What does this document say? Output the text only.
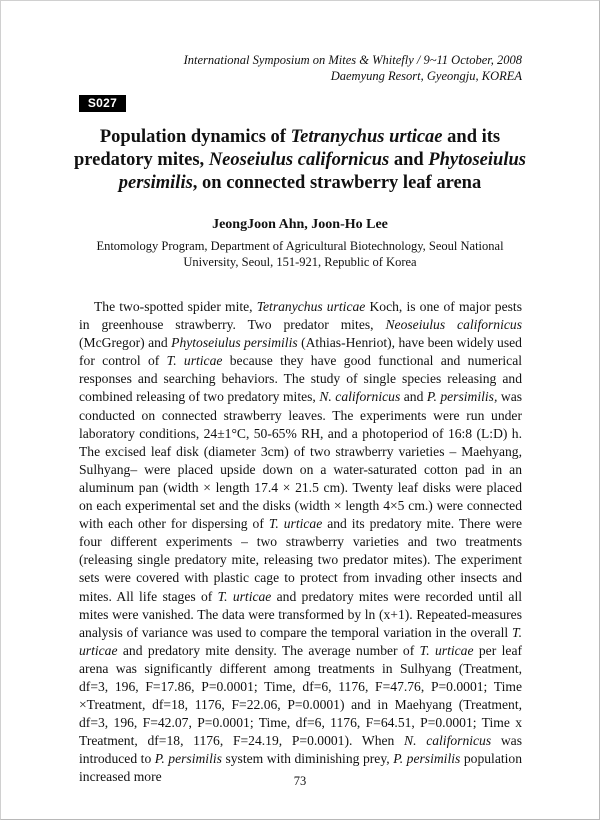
International Symposium on Mites & Whitefly / 9~11 October, 2008
Daemyung Resort, Gyeongju, KOREA
S027
Population dynamics of Tetranychus urticae and its predatory mites, Neoseiulus californicus and Phytoseiulus persimilis, on connected strawberry leaf arena
JeongJoon Ahn, Joon-Ho Lee
Entomology Program, Department of Agricultural Biotechnology, Seoul National University, Seoul, 151-921, Republic of Korea

The two-spotted spider mite, Tetranychus urticae Koch, is one of major pests in greenhouse strawberry. Two predator mites, Neoseiulus californicus (McGregor) and Phytoseiulus persimilis (Athias-Henriot), have been widely used for control of T. urticae because they have good functional and numerical responses and searching behaviors. The study of single species releasing and combined releasing of two predatory mites, N. californicus and P. persimilis, was conducted on connected strawberry leaves. The experiments were run under laboratory conditions, 24±1°C, 50-65% RH, and a photoperiod of 16:8 (L:D) h. The excised leaf disk (diameter 3cm) of two strawberry varieties – Maehyang, Sulhyang– were placed upside down on a water-saturated cotton pad in an aluminum pan (width × length 17.4 × 21.5 cm). Twenty leaf disks were placed on each experimental set and the disks (width × length 4×5 cm.) were connected with each other for dispersing of T. urticae and its predatory mite. There were four different experiments – two strawberry varieties and two treatments (releasing single predatory mite, releasing two predator mites). The experiment sets were covered with plastic cage to protect from invading other insects and mites. All life stages of T. urticae and predatory mites were recorded until all mites were vanished. The data were transformed by ln (x+1). Repeated-measures analysis of variance was used to compare the temporal variation in the overall T. urticae and predatory mite density. The average number of T. urticae per leaf arena was significantly different among treatments in Sulhyang (Treatment, df=3, 196, F=17.86, P=0.0001; Time, df=6, 1176, F=47.76, P=0.0001; Time ×Treatment, df=18, 1176, F=22.06, P=0.0001) and in Maehyang (Treatment, df=3, 196, F=42.07, P=0.0001; Time, df=6, 1176, F=64.51, P=0.0001; Time x Treatment, df=18, 1176, F=24.19, P=0.0001). When N. californicus was introduced to P. persimilis system with diminishing prey, P. persimilis population increased more	73
